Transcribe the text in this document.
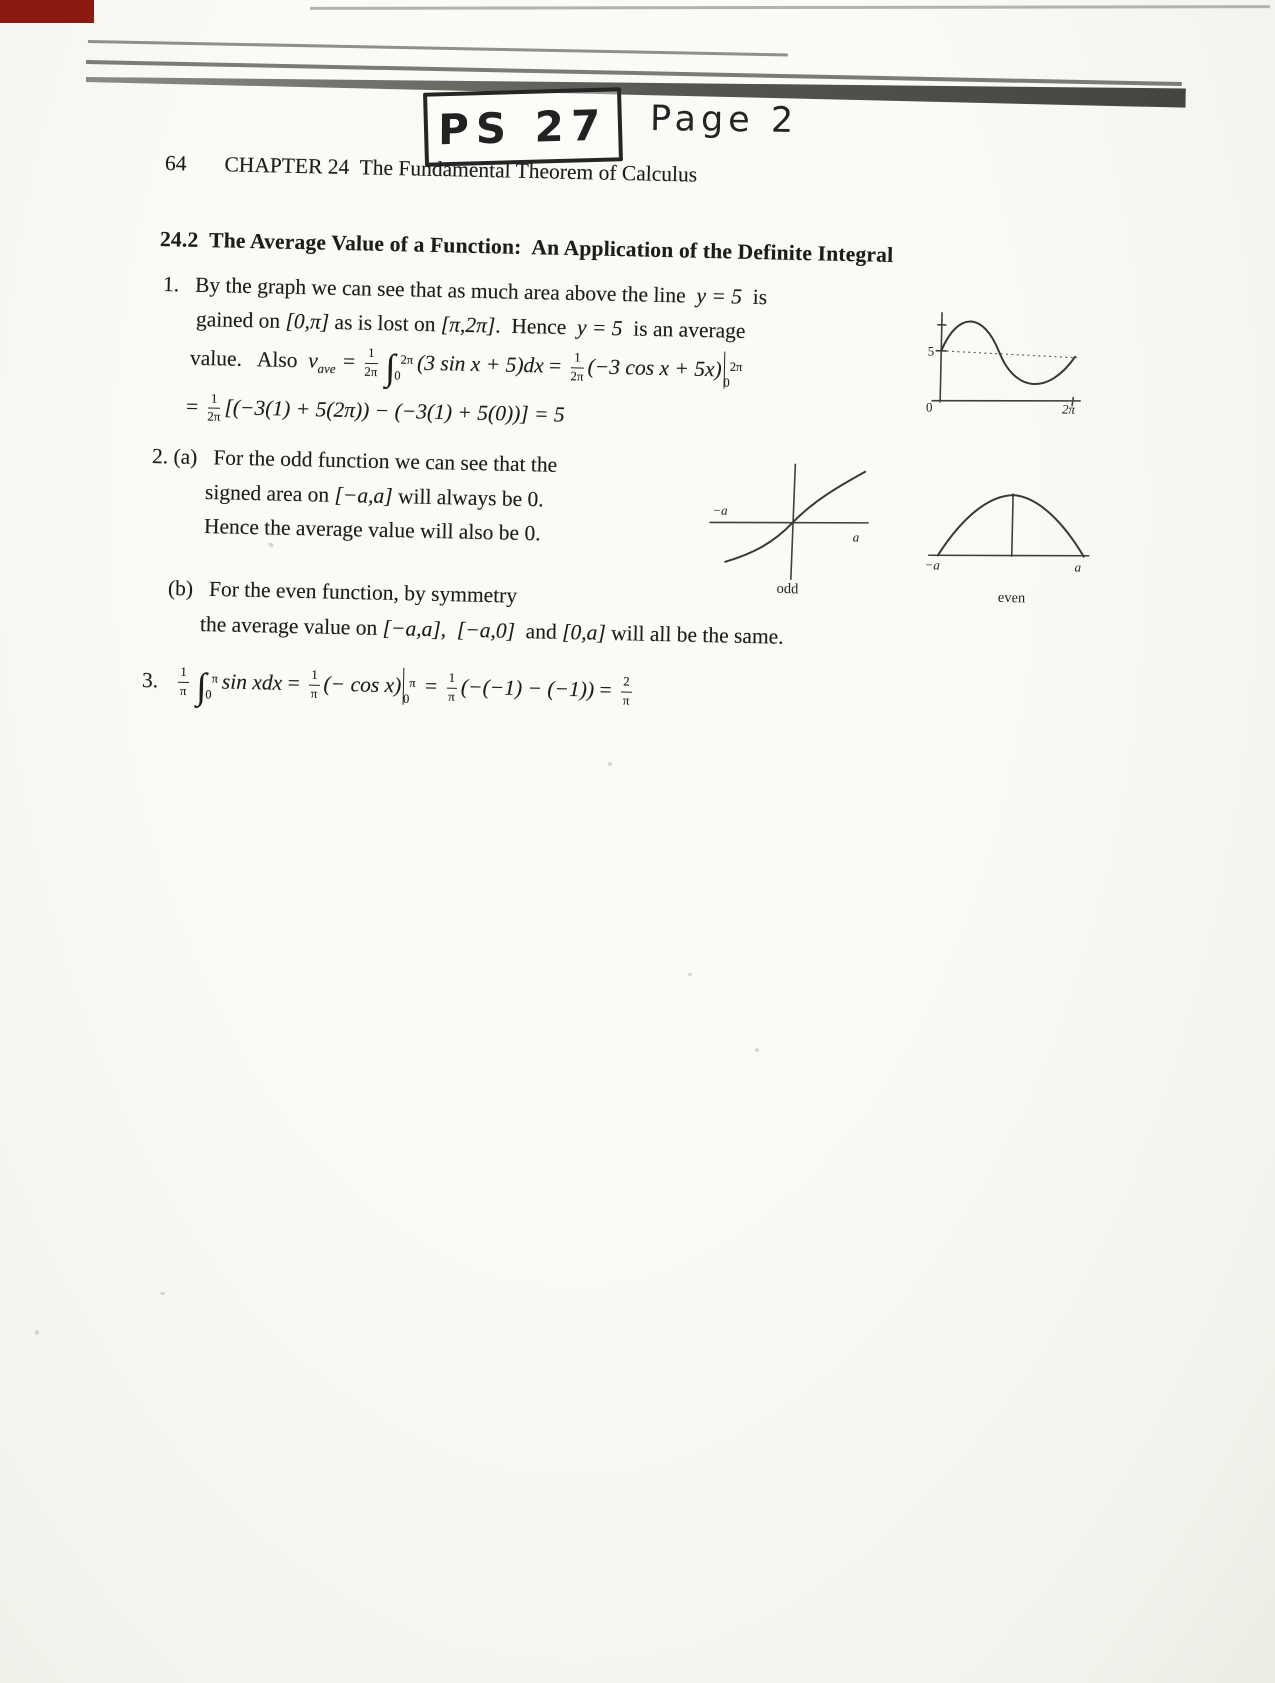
PS 27 Page 2
64 CHAPTER 24  The Fundamental Theorem of Calculus
24.2  The Average Value of a Function:  An Application of the Definite Integral
1. By the graph we can see that as much area above the line  y = 5  is
gained on [0,π] as is lost on [π,2π].  Hence  y = 5  is an average
value.   Also  $v_{ave} = \frac{1}{2\pi}$ ∫ 2π
0 (3 $\sin x + 5)dx = \frac{1}{2\pi} (-3$ cos x + 5x) 2π
0
= $\frac{1}{2\pi} [(-3(1) + 5(2\pi)) - (-3(1) + 5(0))] = 5$
2. (a) For the odd function we can see that the
signed area on [−a,a] will always be 0.
Hence the average value will also be 0.
(b) For the even function, by symmetry
the average value on [−a,a], [−a,0]  and [0,a] will all be the same.
3. $\frac{1}{\pi}$ ∫ π
0 sin xdx = $\frac{1}{\pi}$ (− cos x) π
0
= $\frac{1}{\pi} (-(-1) - (-1)) = \frac{2}{\pi}$
5
0	2π
−a
a
odd
−a	a
even
